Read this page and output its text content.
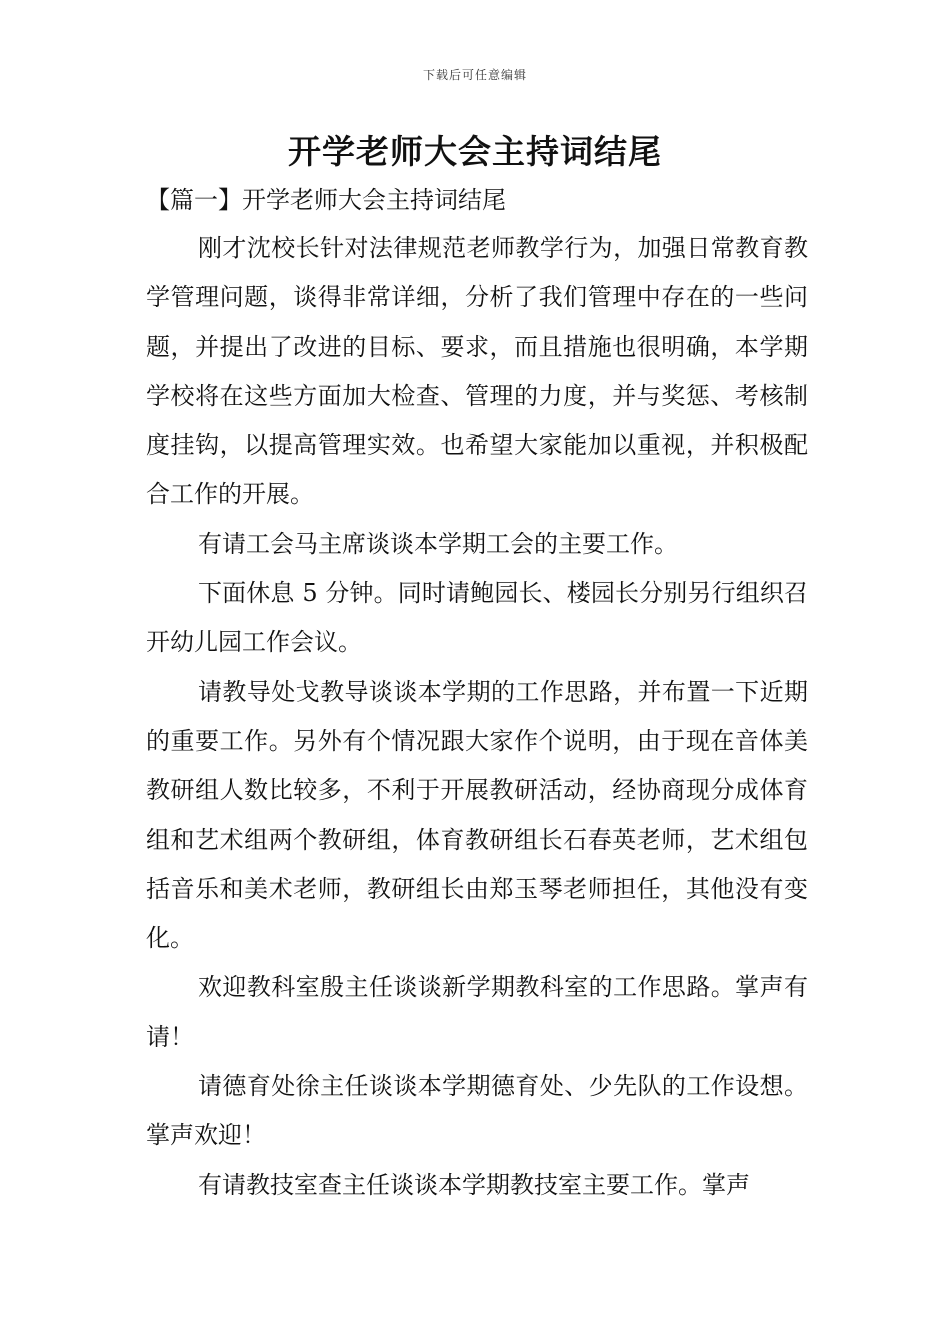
下载后可任意编辑
开学老师大会主持词结尾
【篇一】开学老师大会主持词结尾

刚才沈校长针对法律规范老师教学行为，加强日常教育教学管理问题，谈得非常详细，分析了我们管理中存在的一些问题，并提出了改进的目标、要求，而且措施也很明确，本学期学校将在这些方面加大检查、管理的力度，并与奖惩、考核制度挂钩，以提高管理实效。也希望大家能加以重视，并积极配合工作的开展。

有请工会马主席谈谈本学期工会的主要工作。

下面休息 5 分钟。同时请鲍园长、楼园长分别另行组织召开幼儿园工作会议。

请教导处戈教导谈谈本学期的工作思路，并布置一下近期的重要工作。另外有个情况跟大家作个说明，由于现在音体美教研组人数比较多，不利于开展教研活动，经协商现分成体育组和艺术组两个教研组，体育教研组长石春英老师，艺术组包括音乐和美术老师，教研组长由郑玉琴老师担任，其他没有变化。

欢迎教科室殷主任谈谈新学期教科室的工作思路。掌声有请！

请德育处徐主任谈谈本学期德育处、少先队的工作设想。掌声欢迎！

有请教技室查主任谈谈本学期教技室主要工作。掌声
